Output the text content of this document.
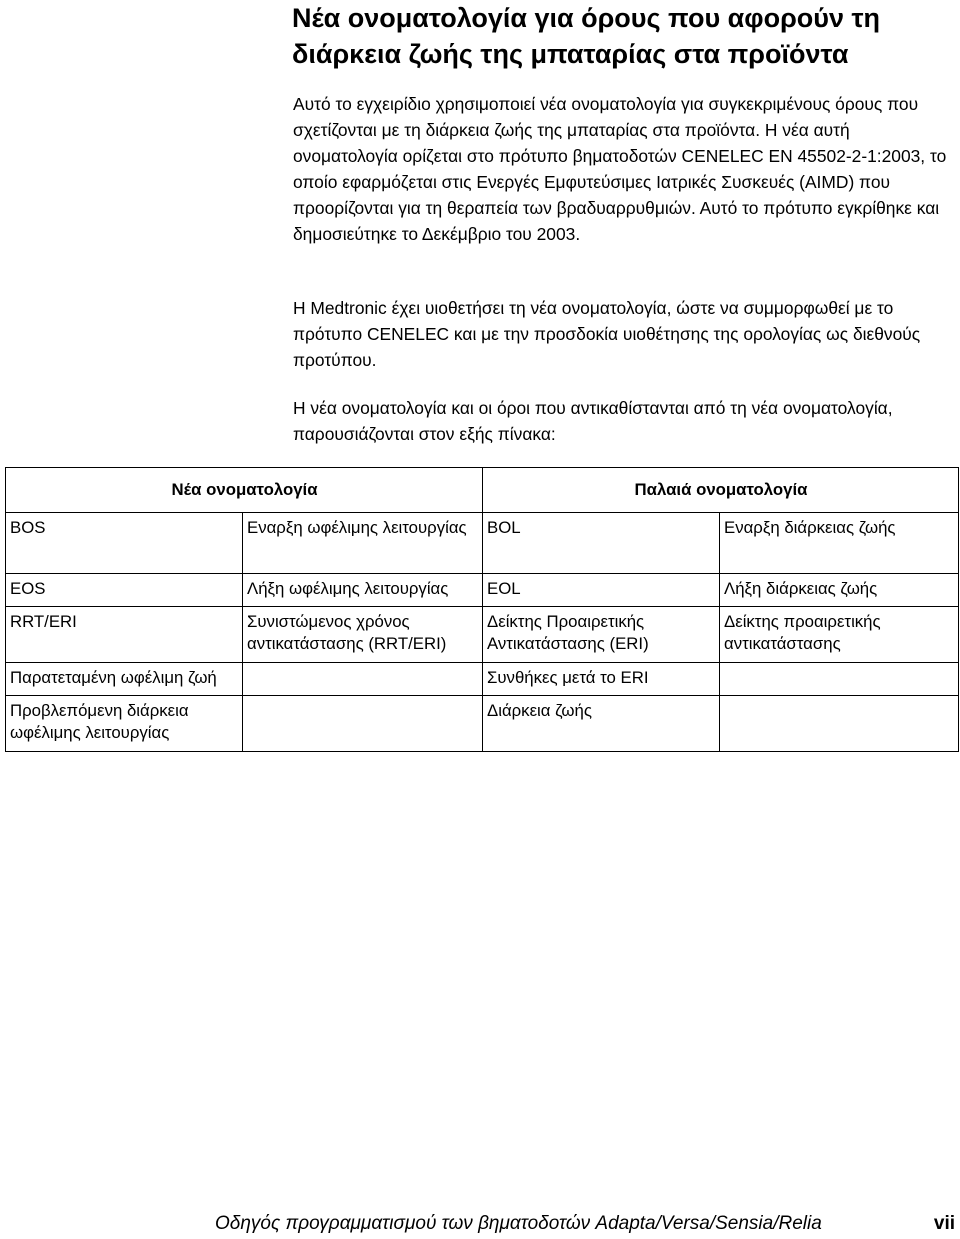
Νέα ονοματολογία για όρους που αφορούν τη διάρκεια ζωής της μπαταρίας στα προϊόντα

Αυτό το εγχειρίδιο χρησιμοποιεί νέα ονοματολογία για συγκεκριμένους όρους που σχετίζονται με τη διάρκεια ζωής της μπαταρίας στα προϊόντα. Η νέα αυτή ονοματολογία ορίζεται στο πρότυπο βηματοδοτών CENELEC EN 45502-2-1:2003, το οποίο εφαρμόζεται στις Ενεργές Εμφυτεύσιμες Ιατρικές Συσκευές (AIMD) που προορίζονται για τη θεραπεία των βραδυαρρυθμιών. Αυτό το πρότυπο εγκρίθηκε και δημοσιεύτηκε το Δεκέμβριο του 2003.

Η Medtronic έχει υιοθετήσει τη νέα ονοματολογία, ώστε να συμμορφωθεί με το πρότυπο CENELEC και με την προσδοκία υιοθέτησης της ορολογίας ως διεθνούς προτύπου.

Η νέα ονοματολογία και οι όροι που αντικαθίστανται από τη νέα ονοματολογία, παρουσιάζονται στον εξής πίνακα:

Νέα ονοματολογία		Παλαιά ονοματολογία	
BOS	Εναρξη ωφέλιμης λειτουργίας	BOL	Εναρξη διάρκειας ζωής
EOS	Λήξη ωφέλιμης λειτουργίας	EOL	Λήξη διάρκειας ζωής
RRT/ERI	Συνιστώμενος χρόνος αντικατάστασης (RRT/ERI)	Δείκτης Προαιρετικής Αντικατάστασης (ERI)	Δείκτης προαιρετικής αντικατάστασης
Παρατεταμένη ωφέλιμη ζωή		Συνθήκες μετά το ERI	
Προβλεπόμενη διάρκεια ωφέλιμης λειτουργίας		Διάρκεια ζωής	
Οδηγός προγραμματισμού των βηματοδοτών Adapta/Versa/Sensia/Relia	vii
